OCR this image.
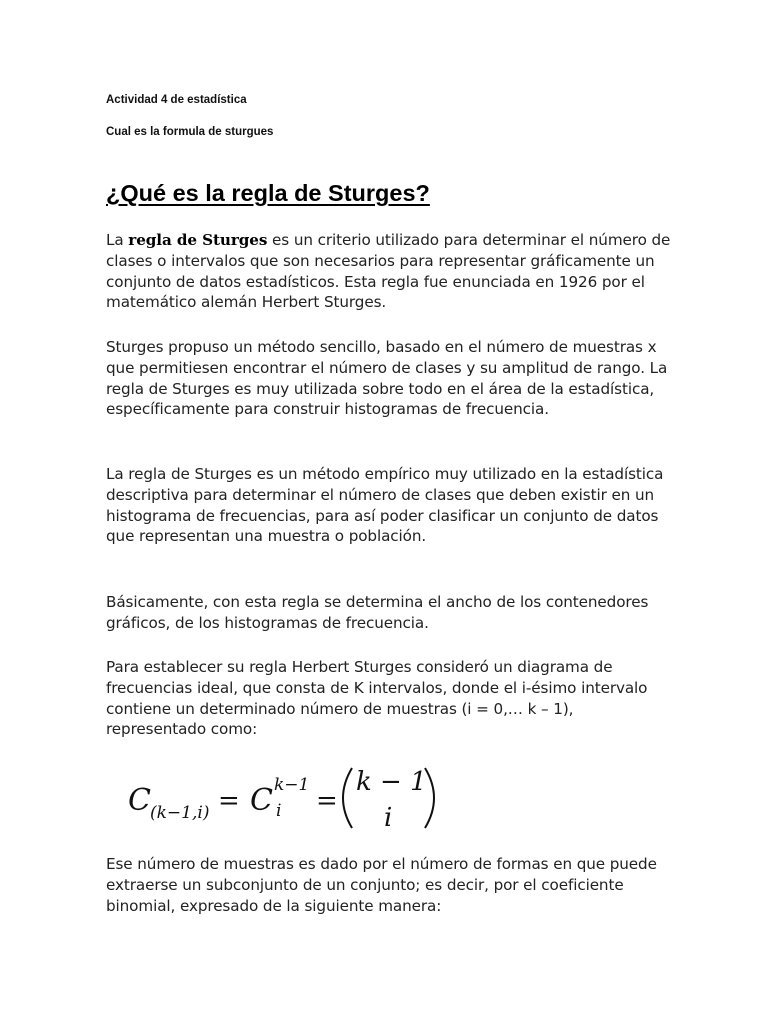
Actividad 4 de estadística

Cual es la formula de sturgues

¿Qué es la regla de Sturges?

La regla de Sturges es un criterio utilizado para determinar el número de clases o intervalos que son necesarios para representar gráficamente un conjunto de datos estadísticos. Esta regla fue enunciada en 1926 por el matemático alemán Herbert Sturges.

Sturges propuso un método sencillo, basado en el número de muestras x que permitiesen encontrar el número de clases y su amplitud de rango. La regla de Sturges es muy utilizada sobre todo en el área de la estadística, específicamente para construir histogramas de frecuencia.

La regla de Sturges es un método empírico muy utilizado en la estadística descriptiva para determinar el número de clases que deben existir en un histograma de frecuencias, para así poder clasificar un conjunto de datos que representan una muestra o población.

Básicamente, con esta regla se determina el ancho de los contenedores gráficos, de los histogramas de frecuencia.

Para establecer su regla Herbert Sturges consideró un diagrama de frecuencias ideal, que consta de K intervalos, donde el i-ésimo intervalo contiene un determinado número de muestras (i = 0,… k – 1), representado como:

C (k−1,i) = C k−1
i =
k − 1
i

Ese número de muestras es dado por el número de formas en que puede extraerse un subconjunto de un conjunto; es decir, por el coeficiente binomial, expresado de la siguiente manera:
